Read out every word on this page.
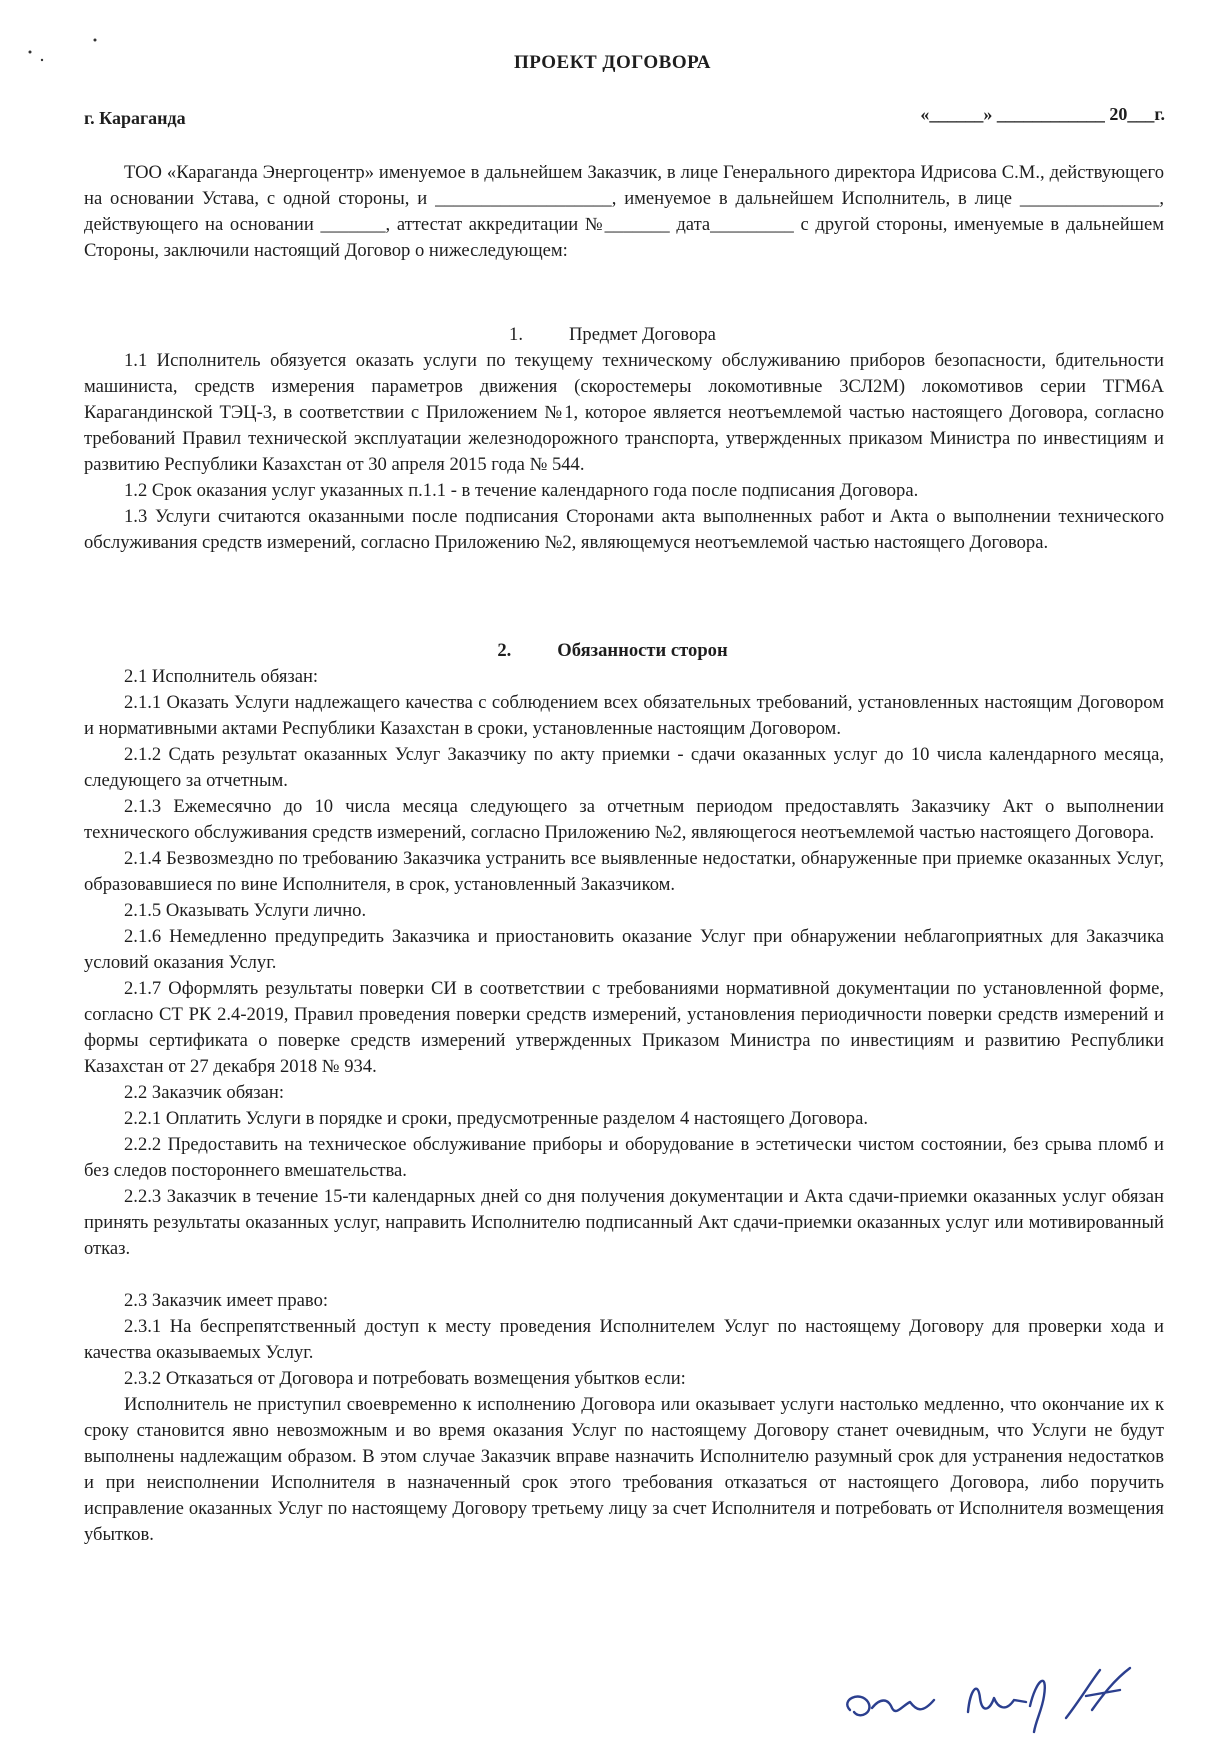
ПРОЕКТ ДОГОВОРА
г. Караганда	«______» ____________ 20___г.
ТОО «Караганда Энергоцентр» именуемое в дальнейшем Заказчик, в лице Генерального директора Идрисова С.М., действующего на основании Устава, с одной стороны, и ___________________, именуемое в дальнейшем Исполнитель, в лице _______________, действующего на основании _______, аттестат аккредитации №_______ дата_________ с другой стороны, именуемые в дальнейшем Стороны, заключили настоящий Договор о нижеследующем:
1. Предмет Договора

1.1 Исполнитель обязуется оказать услуги по текущему техническому обслуживанию приборов безопасности, бдительности машиниста, средств измерения параметров движения (скоростемеры локомотивные 3СЛ2М) локомотивов серии ТГМ6А Карагандинской ТЭЦ-3, в соответствии с Приложением №1, которое является неотъемлемой частью настоящего Договора, согласно требований Правил технической эксплуатации железнодорожного транспорта, утвержденных приказом Министра по инвестициям и развитию Республики Казахстан от 30 апреля 2015 года № 544.

1.2 Срок оказания услуг указанных п.1.1 - в течение календарного года после подписания Договора.

1.3 Услуги считаются оказанными после подписания Сторонами акта выполненных работ и Акта о выполнении технического обслуживания средств измерений, согласно Приложению №2, являющемуся неотъемлемой частью настоящего Договора.

2. Обязанности сторон

2.1 Исполнитель обязан:

2.1.1 Оказать Услуги надлежащего качества с соблюдением всех обязательных требований, установленных настоящим Договором и нормативными актами Республики Казахстан в сроки, установленные настоящим Договором.

2.1.2 Сдать результат оказанных Услуг Заказчику по акту приемки - сдачи оказанных услуг до 10 числа календарного месяца, следующего за отчетным.

2.1.3 Ежемесячно до 10 числа месяца следующего за отчетным периодом предоставлять Заказчику Акт о выполнении технического обслуживания средств измерений, согласно Приложению №2, являющегося неотъемлемой частью настоящего Договора.

2.1.4 Безвозмездно по требованию Заказчика устранить все выявленные недостатки, обнаруженные при приемке оказанных Услуг, образовавшиеся по вине Исполнителя, в срок, установленный Заказчиком.

2.1.5 Оказывать Услуги лично.

2.1.6 Немедленно предупредить Заказчика и приостановить оказание Услуг при обнаружении неблагоприятных для Заказчика условий оказания Услуг.

2.1.7 Оформлять результаты поверки СИ в соответствии с требованиями нормативной документации по установленной форме, согласно СТ РК 2.4-2019, Правил проведения поверки средств измерений, установления периодичности поверки средств измерений и формы сертификата о поверке средств измерений утвержденных Приказом Министра по инвестициям и развитию Республики Казахстан от 27 декабря 2018 № 934.

2.2 Заказчик обязан:

2.2.1 Оплатить Услуги в порядке и сроки, предусмотренные разделом 4 настоящего Договора.

2.2.2 Предоставить на техническое обслуживание приборы и оборудование в эстетически чистом состоянии, без срыва пломб и без следов постороннего вмешательства.

2.2.3 Заказчик в течение 15-ти календарных дней со дня получения документации и Акта сдачи-приемки оказанных услуг обязан принять результаты оказанных услуг, направить Исполнителю подписанный Акт сдачи-приемки оказанных услуг или мотивированный отказ.

2.3 Заказчик имеет право:

2.3.1 На беспрепятственный доступ к месту проведения Исполнителем Услуг по настоящему Договору для проверки хода и качества оказываемых Услуг.

2.3.2 Отказаться от Договора и потребовать возмещения убытков если:

Исполнитель не приступил своевременно к исполнению Договора или оказывает услуги настолько медленно, что окончание их к сроку становится явно невозможным и во время оказания Услуг по настоящему Договору станет очевидным, что Услуги не будут выполнены надлежащим образом. В этом случае Заказчик вправе назначить Исполнителю разумный срок для устранения недостатков и при неисполнении Исполнителя в назначенный срок этого требования отказаться от настоящего Договора, либо поручить исправление оказанных Услуг по настоящему Договору третьему лицу за счет Исполнителя и потребовать от Исполнителя возмещения убытков.
